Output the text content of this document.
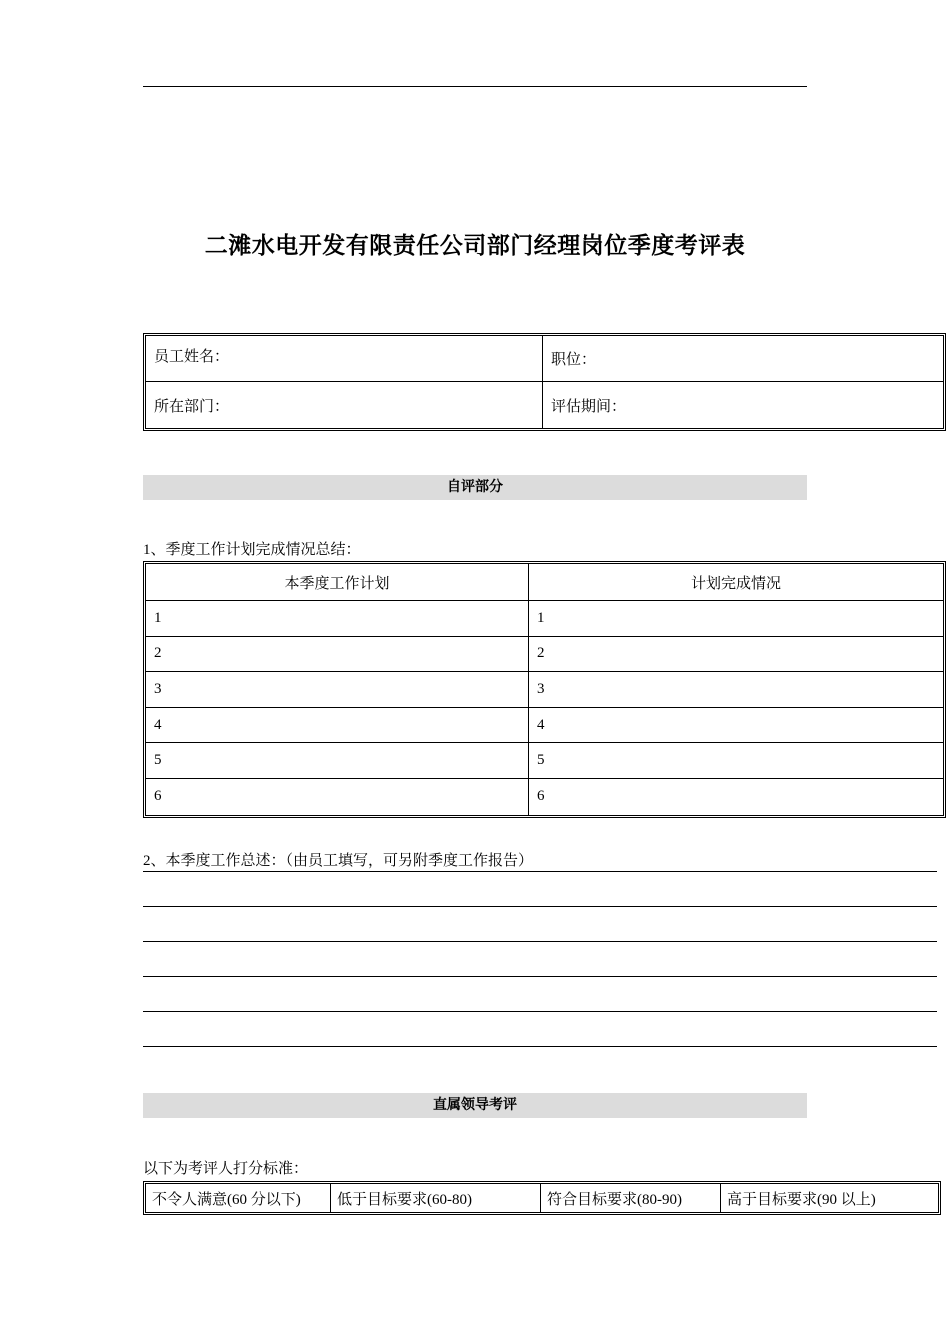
二滩水电开发有限责任公司部门经理岗位季度考评表
员工姓名：	职位：
所在部门：	评估期间：
自评部分
1、季度工作计划完成情况总结：
本季度工作计划	计划完成情况
1	1
2	2
3	3
4	4
5	5
6	6
2、本季度工作总述：（由员工填写，可另附季度工作报告）
直属领导考评
以下为考评人打分标准：
不令人满意(60 分以下)	低于目标要求(60-80)	符合目标要求(80-90)	高于目标要求(90 以上)
